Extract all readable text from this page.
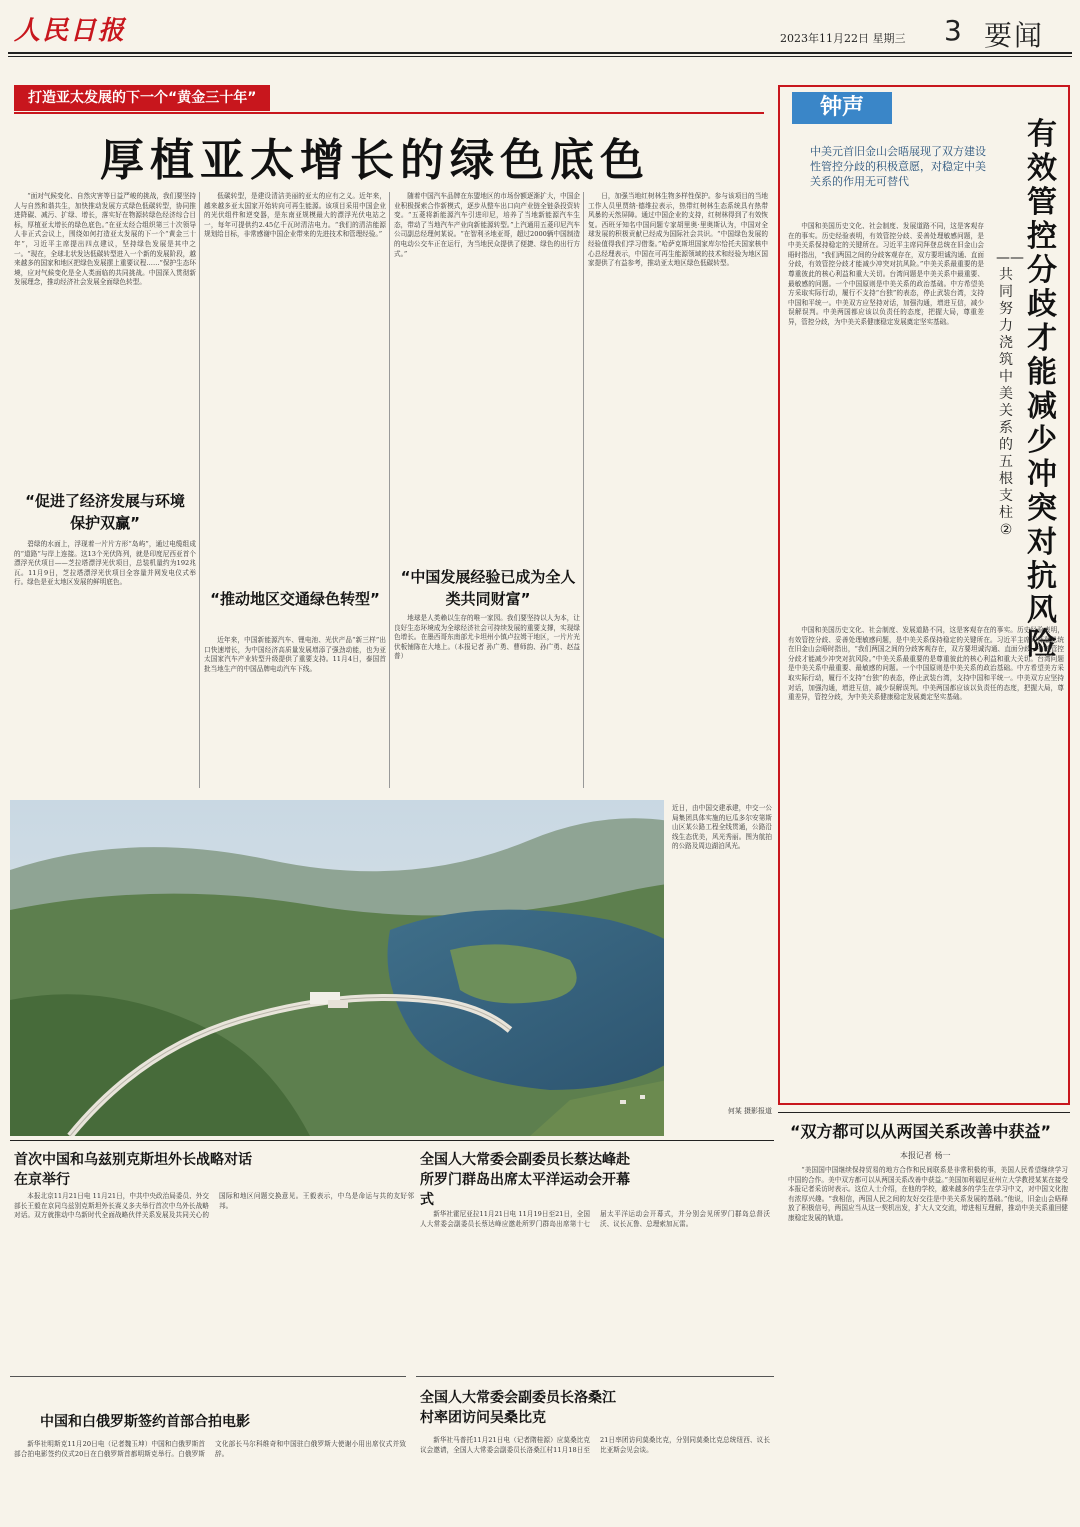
人民日报	2023年11月22日 星期三 3 要闻
打造亚太发展的下一个“黄金三十年”
厚植亚太增长的绿色底色
“面对气候变化、自然灾害等日益严峻的挑战，我们要坚持人与自然和谐共生，加快推动发展方式绿色低碳转型，协同推进降碳、减污、扩绿、增长，落实好在物源转绿色经济综合目标，厚植亚太增长的绿色底色。”在亚太经合组织第三十次领导人非正式会议上，围绕如何打造亚太发展的下一个“黄金三十年”，习近平主席提出四点建议，坚持绿色发展是其中之一。“现在，全球北状发达低碳转型进入一个新的发展阶段，越来越多的国家和地区把绿色发展摆上重要议程……”保护生态环境，应对气候变化是全人类面临的共同挑战。中国深入贯彻新发展理念，推动经济社会发展全面绿色转型。
“促进了经济发展与环境保护双赢”
碧绿的水面上，浮现着一片片方形“岛屿”，通过电缆组成的“道路”与岸上连接。这13个光伏阵列，就是印度尼西亚首个漂浮光伏项目——芝拉塔漂浮光伏项目，总装机量约为192兆瓦。11月9日，芝拉塔漂浮光伏项目全容量并网发电仪式举行。绿色是亚太地区发展的鲜明底色。
低碳转型，是建设清洁美丽的亚太的应有之义。近年来，越来越多亚太国家开始转向可再生能源。该项目采用中国企业的光伏组件和逆变器，是东南亚规模最大的漂浮光伏电站之一，每年可提供约2.45亿千瓦时清洁电力。“我们的清洁能源规划给目标，非常感谢中国企业带来的先进技术和管理经验。”
“推动地区交通绿色转型”
近年来，中国新能源汽车、锂电池、光伏产品“新三样”出口快速增长，为中国经济高质量发展增添了强劲动能，也为亚太国家汽车产业转型升级提供了重要支持。11月4日，泰国首批当地生产的中国品牌电动汽车下线。
随着中国汽车品牌在东盟地区的市场份额逐渐扩大，中国企业积极探索合作新模式，逐步从整车出口向产业链全链条投资转变。“五菱将新能源汽车引进印尼，培养了当地新能源汽车生态，带动了当地汽车产业向新能源转型。”上汽通用五菱印尼汽车公司副总经理何某说。“在智利圣地亚哥，超过2000辆中国制造的电动公交车正在运行，为当地民众提供了便捷、绿色的出行方式。”
“中国发展经验已成为全人类共同财富”
地球是人类赖以生存的唯一家园。我们要坚持以人为本，让良好生态环境成为全球经济社会可持续发展的重要支撑，实现绿色增长。在墨西哥东南部尤卡坦州小镇卢拉姆干地区，一片片光伏板铺陈在大地上。（本报记者 孙广勇、曹师韵、孙广勇、赵益普）
日，加强当地红树林生物多样性保护。参与该项目的当地工作人员里贾纳·德维拉表示，热带红树林生态系统具有热带风暴的天然屏障。通过中国企业的支持，红树林得到了有效恢复。西班牙知名中国问题专家胡里奥·里奥斯认为，中国对全球发展的积极贡献已经成为国际社会共识。“中国绿色发展的经验值得我们学习借鉴。”哈萨克斯坦国家库尔恰托夫国家核中心总经理表示，中国在可再生能源领域的技术和经验为地区国家提供了有益参考，推动亚太地区绿色低碳转型。
近日，由中国交建承建，中交一公局集团具体实施的厄瓜多尔安第斯山区某公路工程全线贯通，公路沿线生态优美，风光秀丽。图为航拍的公路及周边湖泊风光。
何某 摄影报道
钟声
有效管控分歧才能减少冲突对抗风险
——共同努力浇筑中美关系的五根支柱②
中美元首旧金山会晤展现了双方建设性管控分歧的积极意愿，对稳定中美关系的作用无可替代
中国和美国历史文化、社会制度、发展道路不同，这是客观存在的事实。历史经验表明，有效管控分歧、妥善处理敏感问题，是中美关系保持稳定的关键所在。习近平主席同拜登总统在旧金山会晤时指出，“我们两国之间的分歧客观存在，双方要坦诚沟通、直面分歧，有效管控分歧才能减少冲突对抗风险。”中美关系最重要的是尊重彼此的核心利益和重大关切。台湾问题是中美关系中最重要、最敏感的问题。一个中国原则是中美关系的政治基础。中方希望美方采取实际行动，履行不支持“台独”的表态，停止武装台湾，支持中国和平统一。中美双方应坚持对话，加强沟通，增进互信，减少误解误判。中美两国都应该以负责任的态度，把握大局，尊重差异，管控分歧，为中美关系健康稳定发展奠定坚实基础。
中国和美国历史文化、社会制度、发展道路不同，这是客观存在的事实。历史经验表明，有效管控分歧、妥善处理敏感问题，是中美关系保持稳定的关键所在。习近平主席同拜登总统在旧金山会晤时指出，“我们两国之间的分歧客观存在，双方要坦诚沟通、直面分歧，有效管控分歧才能减少冲突对抗风险。”中美关系最重要的是尊重彼此的核心利益和重大关切。台湾问题是中美关系中最重要、最敏感的问题。一个中国原则是中美关系的政治基础。中方希望美方采取实际行动，履行不支持“台独”的表态，停止武装台湾，支持中国和平统一。中美双方应坚持对话，加强沟通，增进互信，减少误解误判。中美两国都应该以负责任的态度，把握大局，尊重差异，管控分歧，为中美关系健康稳定发展奠定坚实基础。
“双方都可以从两国关系改善中获益”
本报记者 杨一
“美国国中国继续保持贸易的地方合作和民间联系是非常积极的事，美国人民希望继续学习中国的合作。美中双方都可以从两国关系改善中获益。”美国加利福尼亚州立大学教授某某在接受本报记者采访时表示。这位人士介绍，在他的学校，越来越多的学生在学习中文，对中国文化抱有浓厚兴趣。“我相信，两国人民之间的友好交往是中美关系发展的基础。”他说，旧金山会晤释放了积极信号，两国应当从这一契机出发，扩大人文交流，增进相互理解，推动中美关系重回健康稳定发展的轨道。
首次中国和乌兹别克斯坦外长战略对话在京举行
本报北京11月21日电 11月21日，中共中央政治局委员、外交部长王毅在京同乌兹别克斯坦外长赛义多夫举行首次中乌外长战略对话。双方就推动中乌新时代全面战略伙伴关系发展及共同关心的国际和地区问题交换意见。王毅表示，中乌是命运与共的友好邻邦。
全国人大常委会副委员长蔡达峰赴所罗门群岛出席太平洋运动会开幕式
新华社霍尼亚拉11月21日电 11月19日至21日，全国人大常委会副委员长蔡达峰应邀赴所罗门群岛出席第十七届太平洋运动会开幕式，并分别会见所罗门群岛总督沃沃、议长瓦鲁、总理索加瓦雷。
中国和白俄罗斯签约首部合拍电影
新华社明斯克11月20日电（记者魏玉坤）中国和白俄罗斯首部合拍电影签约仪式20日在白俄罗斯首都明斯克举行。白俄罗斯文化部长马尔科维奇和中国驻白俄罗斯大使谢小用出席仪式并致辞。
全国人大常委会副委员长洛桑江村率团访问吴桑比克
新华社马普托11月21日电（记者隋桂源）应莫桑比克议会邀请，全国人大常委会副委员长洛桑江村11月18日至21日率团访问莫桑比克，分别同莫桑比克总统纽西、议长比亚斯会见会谈。
